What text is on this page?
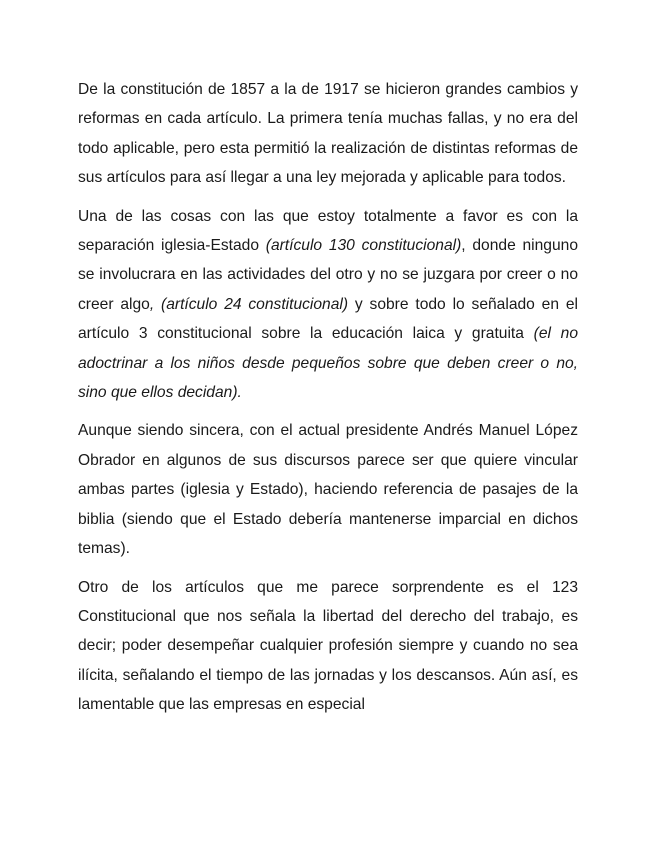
De la constitución de 1857 a la de 1917 se hicieron grandes cambios y reformas en cada artículo. La primera tenía muchas fallas, y no era del todo aplicable, pero esta permitió la realización de distintas reformas de sus artículos para así llegar a una ley mejorada y aplicable para todos.

Una de las cosas con las que estoy totalmente a favor es con la separación iglesia-Estado (artículo 130 constitucional), donde ninguno se involucrara en las actividades del otro y no se juzgara por creer o no creer algo, (artículo 24 constitucional) y sobre todo lo señalado en el artículo 3 constitucional sobre la educación laica y gratuita (el no adoctrinar a los niños desde pequeños sobre que deben creer o no, sino que ellos decidan).

Aunque siendo sincera, con el actual presidente Andrés Manuel López Obrador en algunos de sus discursos parece ser que quiere vincular ambas partes (iglesia y Estado), haciendo referencia de pasajes de la biblia (siendo que el Estado debería mantenerse imparcial en dichos temas).

Otro de los artículos que me parece sorprendente es el 123 Constitucional que nos señala la libertad del derecho del trabajo, es decir; poder desempeñar cualquier profesión siempre y cuando no sea ilícita, señalando el tiempo de las jornadas y los descansos. Aún así, es lamentable que las empresas en especial
